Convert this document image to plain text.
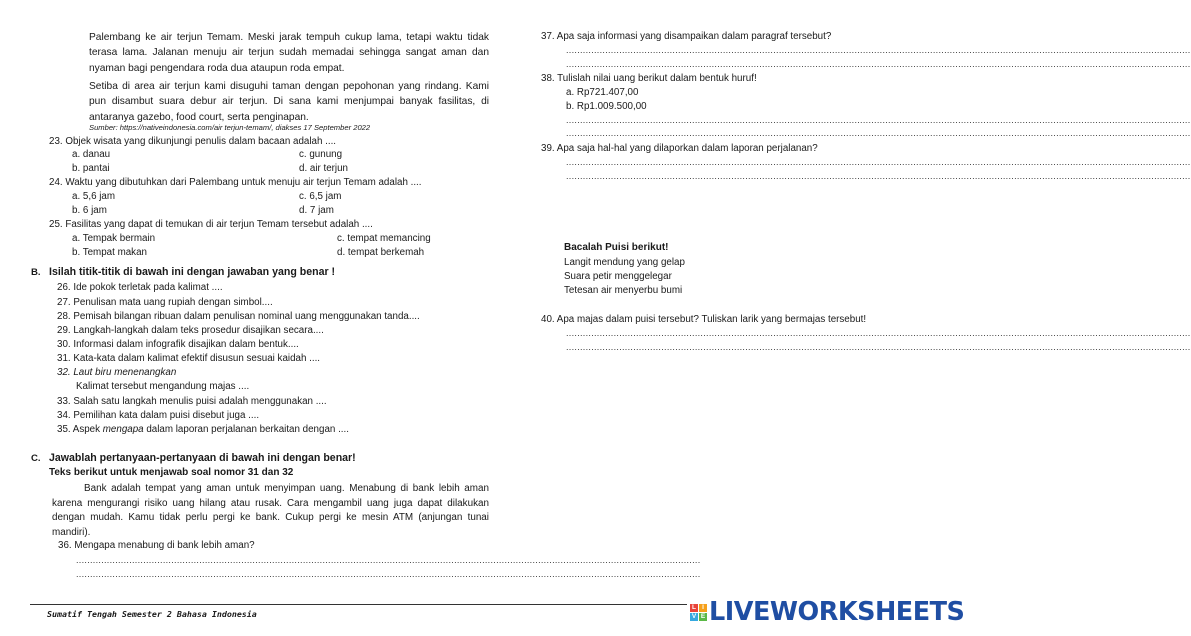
Palembang ke air terjun Temam. Meski jarak tempuh cukup lama, tetapi waktu tidak terasa lama. Jalanan menuju air terjun sudah memadai sehingga sangat aman dan nyaman bagi pengendara roda dua ataupun roda empat.
Setiba di area air terjun kami disuguhi taman dengan pepohonan yang rindang. Kami pun disambut suara debur air terjun. Di sana kami menjumpai banyak fasilitas, di antaranya gazebo, food court, serta penginapan.
Sumber: https://nativeindonesia.com/air terjun-temam/, diakses 17 September 2022
23. Objek wisata yang dikunjungi penulis dalam bacaan adalah ....
a. danau	c. gunung
b. pantai	d. air terjun
24. Waktu yang dibutuhkan dari Palembang untuk menuju air terjun Temam adalah ....
a. 5,6 jam	c. 6,5 jam
b. 6 jam	d. 7 jam
25. Fasilitas yang dapat di temukan di air terjun Temam tersebut adalah ....
a. Tempak bermain	c. tempat memancing
b. Tempat makan	d. tempat berkemah
B. Isilah titik-titik di bawah ini dengan jawaban yang benar !
26. Ide pokok terletak pada kalimat ....
27. Penulisan mata uang rupiah dengan simbol....
28. Pemisah bilangan ribuan dalam penulisan nominal uang menggunakan tanda....
29. Langkah-langkah dalam teks prosedur disajikan secara....
30. Informasi dalam infografik disajikan dalam bentuk....
31. Kata-kata dalam kalimat efektif disusun sesuai kaidah ....
32. Laut biru menenangkan
Kalimat tersebut mengandung majas ....
33. Salah satu langkah menulis puisi adalah menggunakan ....
34. Pemilihan kata dalam puisi disebut juga ....
35. Aspek mengapa dalam laporan perjalanan berkaitan dengan ....
C. Jawablah pertanyaan-pertanyaan di bawah ini dengan benar!
Teks berikut untuk menjawab soal nomor 31 dan 32
Bank adalah tempat yang aman untuk menyimpan uang. Menabung di bank lebih aman karena mengurangi risiko uang hilang atau rusak. Cara mengambil uang juga dapat dilakukan dengan mudah. Kamu tidak perlu pergi ke bank. Cukup pergi ke mesin ATM (anjungan tunai mandiri).
36. Mengapa menabung di bank lebih aman?
...............................................................................................................................................................................................................................
...............................................................................................................................................................................................................................
37. Apa saja informasi yang disampaikan dalam paragraf tersebut?
...............................................................................................................................................................................................................................
...............................................................................................................................................................................................................................
38. Tulislah nilai uang berikut dalam bentuk huruf!
a. Rp721.407,00
b. Rp1.009.500,00
...............................................................................................................................................................................................................................
...............................................................................................................................................................................................................................
39. Apa saja hal-hal yang dilaporkan dalam laporan perjalanan?
...............................................................................................................................................................................................................................
...............................................................................................................................................................................................................................
Bacalah Puisi berikut!
Langit mendung yang gelap
Suara petir menggelegar
Tetesan air menyerbu bumi
40. Apa majas dalam puisi tersebut? Tuliskan larik yang bermajas tersebut!
...............................................................................................................................................................................................................................
...............................................................................................................................................................................................................................
Sumatif Tengah Semester 2 Bahasa Indonesia
L I
V E LIVEWORKSHEETS
